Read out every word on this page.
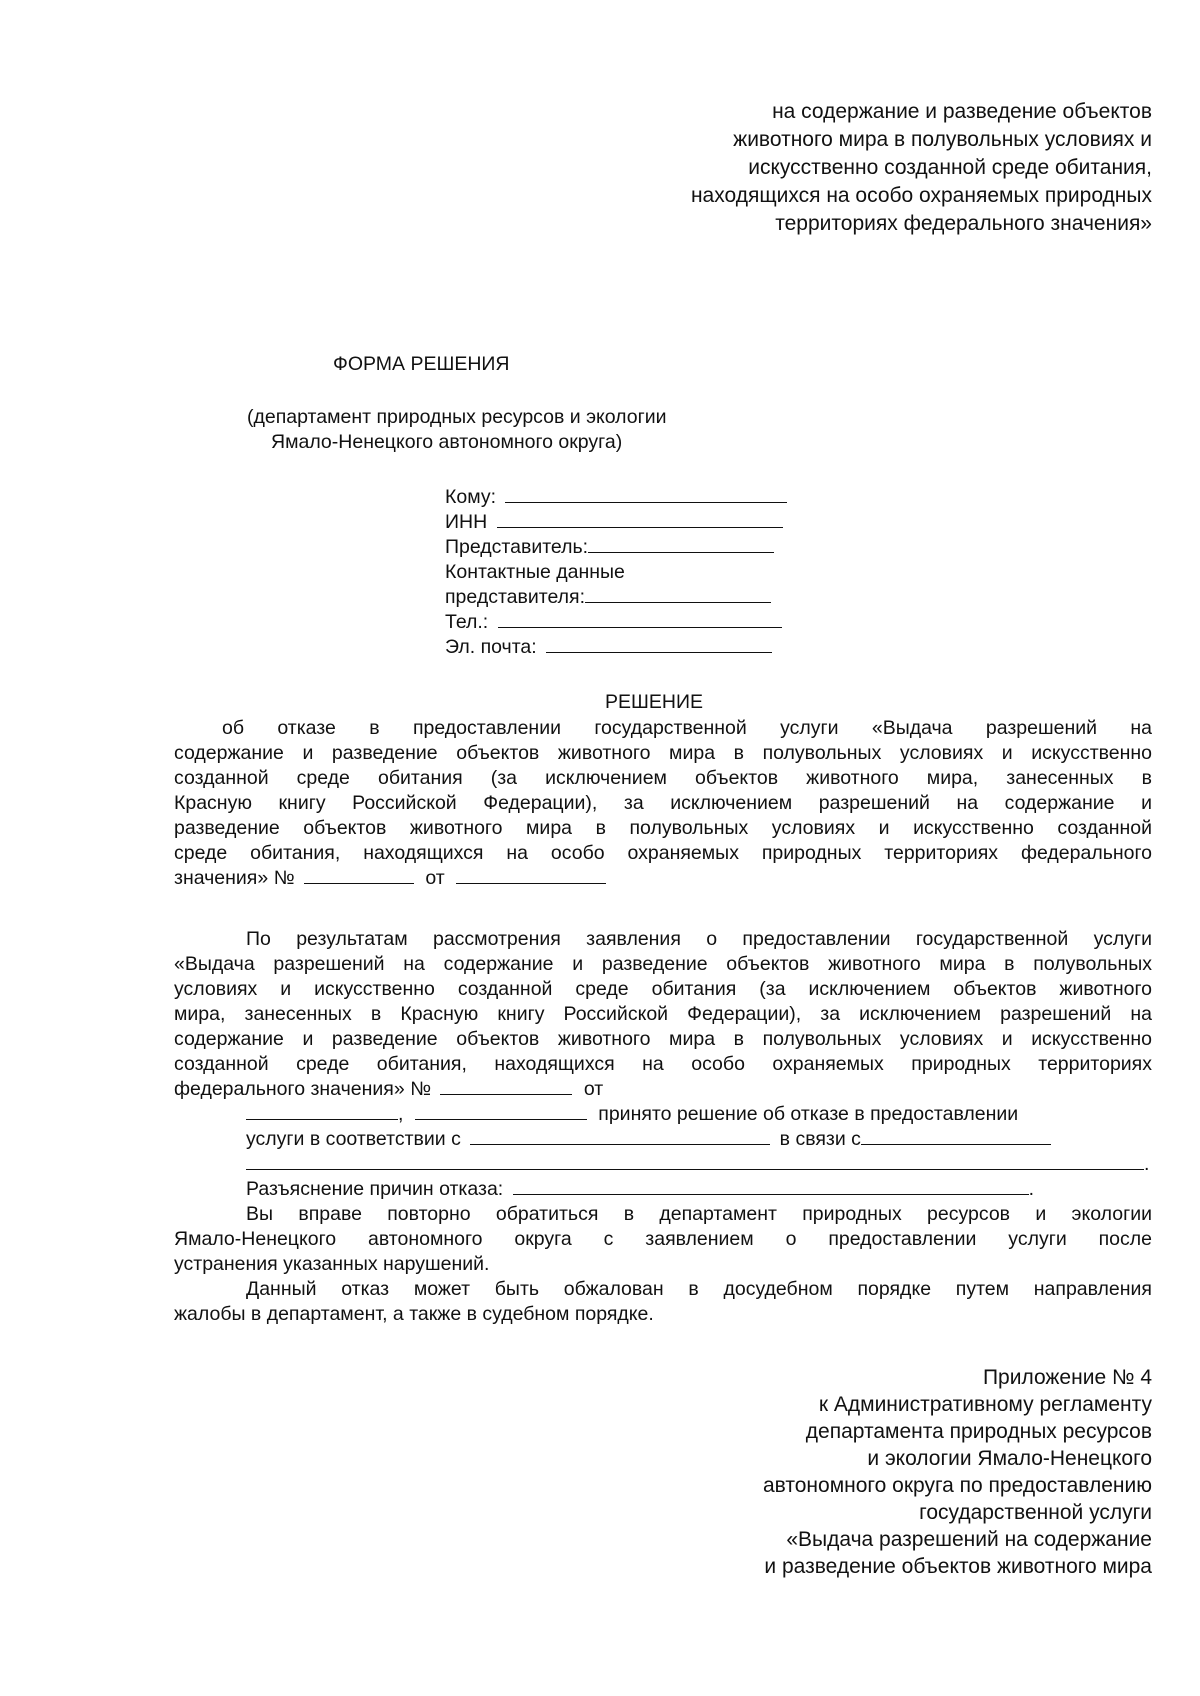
на содержание и разведение объектов
животного мира в полувольных условиях и
искусственно созданной среде обитания,
находящихся на особо охраняемых природных
территориях федерального значения»
ФОРМА РЕШЕНИЯ
(департамент природных ресурсов и экологии
Ямало-Ненецкого автономного округа)
Кому:
ИНН
Представитель:
Контактные данные
представителя:
Тел.:
Эл. почта:
РЕШЕНИЕ
об отказе в предоставлении государственной услуги «Выдача разрешений на
содержание и разведение объектов животного мира в полувольных условиях и искусственно
созданной среде обитания (за исключением объектов животного мира, занесенных в
Красную книгу Российской Федерации), за исключением разрешений на содержание и
разведение объектов животного мира в полувольных условиях и искусственно созданной
среде обитания, находящихся на особо охраняемых природных территориях федерального
значения» №	от
По результатам рассмотрения заявления о предоставлении государственной услуги
«Выдача разрешений на содержание и разведение объектов животного мира в полувольных
условиях и искусственно созданной среде обитания (за исключением объектов животного
мира, занесенных в Красную книгу Российской Федерации), за исключением разрешений на
содержание и разведение объектов животного мира в полувольных условиях и искусственно
созданной среде обитания, находящихся на особо охраняемых природных территориях
федерального значения» №	от
,	принято решение об отказе в предоставлении
услуги в соответствии с	в связи с
.
Разъяснение причин отказа:	.
Вы вправе повторно обратиться в департамент природных ресурсов и экологии
Ямало-Ненецкого автономного округа с заявлением о предоставлении услуги после
устранения указанных нарушений.
Данный отказ может быть обжалован в досудебном порядке путем направления
жалобы в департамент, а также в судебном порядке.
Приложение № 4
к Административному регламенту
департамента природных ресурсов
и экологии Ямало-Ненецкого
автономного округа по предоставлению
государственной услуги
«Выдача разрешений на содержание
и разведение объектов животного мира
